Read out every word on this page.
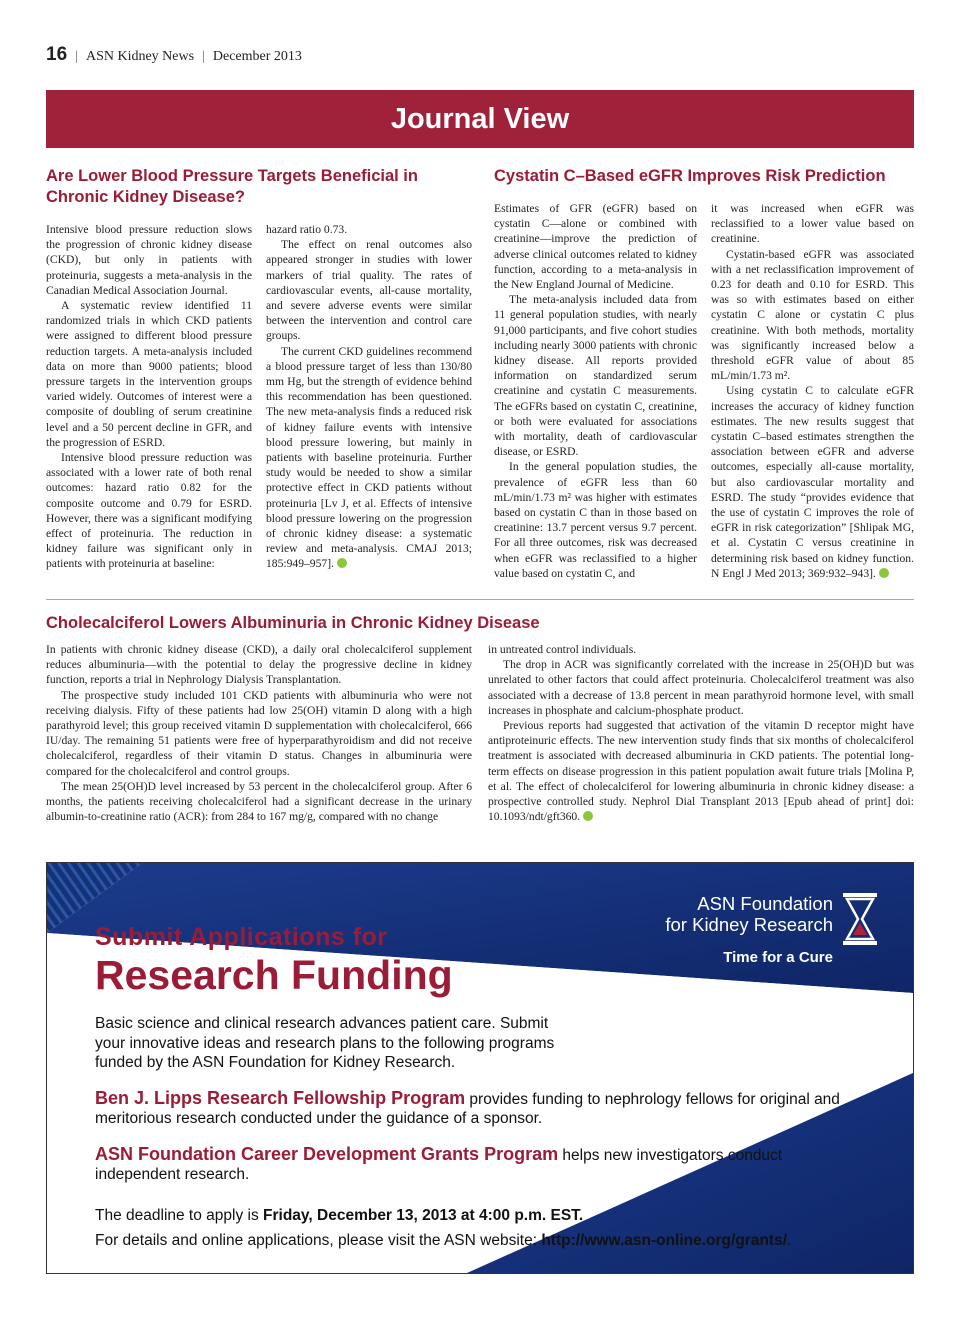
16 | ASN Kidney News | December 2013
Journal View
Are Lower Blood Pressure Targets Beneficial in Chronic Kidney Disease?

Intensive blood pressure reduction slows the progression of chronic kidney disease (CKD), but only in patients with proteinuria, suggests a meta-analysis in the Canadian Medical Association Journal.

A systematic review identified 11 randomized trials in which CKD patients were assigned to different blood pressure reduction targets. A meta-analysis included data on more than 9000 patients; blood pressure targets in the intervention groups varied widely. Outcomes of interest were a composite of doubling of serum creatinine level and a 50 percent decline in GFR, and the progression of ESRD.

Intensive blood pressure reduction was associated with a lower rate of both renal outcomes: hazard ratio 0.82 for the composite outcome and 0.79 for ESRD. However, there was a significant modifying effect of proteinuria. The reduction in kidney failure was significant only in patients with proteinuria at baseline:

hazard ratio 0.73.

The effect on renal outcomes also appeared stronger in studies with lower markers of trial quality. The rates of cardiovascular events, all-cause mortality, and severe adverse events were similar between the intervention and control care groups.

The current CKD guidelines recommend a blood pressure target of less than 130/80 mm Hg, but the strength of evidence behind this recommendation has been questioned. The new meta-analysis finds a reduced risk of kidney failure events with intensive blood pressure lowering, but mainly in patients with baseline proteinuria. Further study would be needed to show a similar protective effect in CKD patients without proteinuria [Lv J, et al. Effects of intensive blood pressure lowering on the progression of chronic kidney disease: a systematic review and meta-analysis. CMAJ 2013; 185:949–957].

Cystatin C–Based eGFR Improves Risk Prediction

Estimates of GFR (eGFR) based on cystatin C—alone or combined with creatinine—improve the prediction of adverse clinical outcomes related to kidney function, according to a meta-analysis in the New England Journal of Medicine.

The meta-analysis included data from 11 general population studies, with nearly 91,000 participants, and five cohort studies including nearly 3000 patients with chronic kidney disease. All reports provided information on standardized serum creatinine and cystatin C measurements. The eGFRs based on cystatin C, creatinine, or both were evaluated for associations with mortality, death of cardiovascular disease, or ESRD.

In the general population studies, the prevalence of eGFR less than 60 mL/min/1.73 m² was higher with estimates based on cystatin C than in those based on creatinine: 13.7 percent versus 9.7 percent. For all three outcomes, risk was decreased when eGFR was reclassified to a higher value based on cystatin C, and

it was increased when eGFR was reclassified to a lower value based on creatinine.

Cystatin-based eGFR was associated with a net reclassification improvement of 0.23 for death and 0.10 for ESRD. This was so with estimates based on either cystatin C alone or cystatin C plus creatinine. With both methods, mortality was significantly increased below a threshold eGFR value of about 85 mL/min/1.73 m².

Using cystatin C to calculate eGFR increases the accuracy of kidney function estimates. The new results suggest that cystatin C–based estimates strengthen the association between eGFR and adverse outcomes, especially all-cause mortality, but also cardiovascular mortality and ESRD. The study “provides evidence that the use of cystatin C improves the role of eGFR in risk categorization” [Shlipak MG, et al. Cystatin C versus creatinine in determining risk based on kidney function. N Engl J Med 2013; 369:932–943].

Cholecalciferol Lowers Albuminuria in Chronic Kidney Disease

In patients with chronic kidney disease (CKD), a daily oral cholecalciferol supplement reduces albuminuria—with the potential to delay the progressive decline in kidney function, reports a trial in Nephrology Dialysis Transplantation.

The prospective study included 101 CKD patients with albuminuria who were not receiving dialysis. Fifty of these patients had low 25(OH) vitamin D along with a high parathyroid level; this group received vitamin D supplementation with cholecalciferol, 666 IU/day. The remaining 51 patients were free of hyperparathyroidism and did not receive cholecalciferol, regardless of their vitamin D status. Changes in albuminuria were compared for the cholecalciferol and control groups.

The mean 25(OH)D level increased by 53 percent in the cholecalciferol group. After 6 months, the patients receiving cholecalciferol had a significant decrease in the urinary albumin-to-creatinine ratio (ACR): from 284 to 167 mg/g, compared with no change

in untreated control individuals.

The drop in ACR was significantly correlated with the increase in 25(OH)D but was unrelated to other factors that could affect proteinuria. Cholecalciferol treatment was also associated with a decrease of 13.8 percent in mean parathyroid hormone level, with small increases in phosphate and calcium-phosphate product.

Previous reports had suggested that activation of the vitamin D receptor might have antiproteinuric effects. The new intervention study finds that six months of cholecalciferol treatment is associated with decreased albuminuria in CKD patients. The potential long-term effects on disease progression in this patient population await future trials [Molina P, et al. The effect of cholecalciferol for lowering albuminuria in chronic kidney disease: a prospective controlled study. Nephrol Dial Transplant 2013 [Epub ahead of print] doi: 10.1093/ndt/gft360.

ASN Foundation
for Kidney Research
Time for a Cure
Submit Applications for
Research Funding
Basic science and clinical research advances patient care. Submit your innovative ideas and research plans to the following programs funded by the ASN Foundation for Kidney Research.
Ben J. Lipps Research Fellowship Program provides funding to nephrology fellows for original and meritorious research conducted under the guidance of a sponsor.
ASN Foundation Career Development Grants Program helps new investigators conduct independent research.
The deadline to apply is Friday, December 13, 2013 at 4:00 p.m. EST.
For details and online applications, please visit the ASN website: http://www.asn-online.org/grants/.
